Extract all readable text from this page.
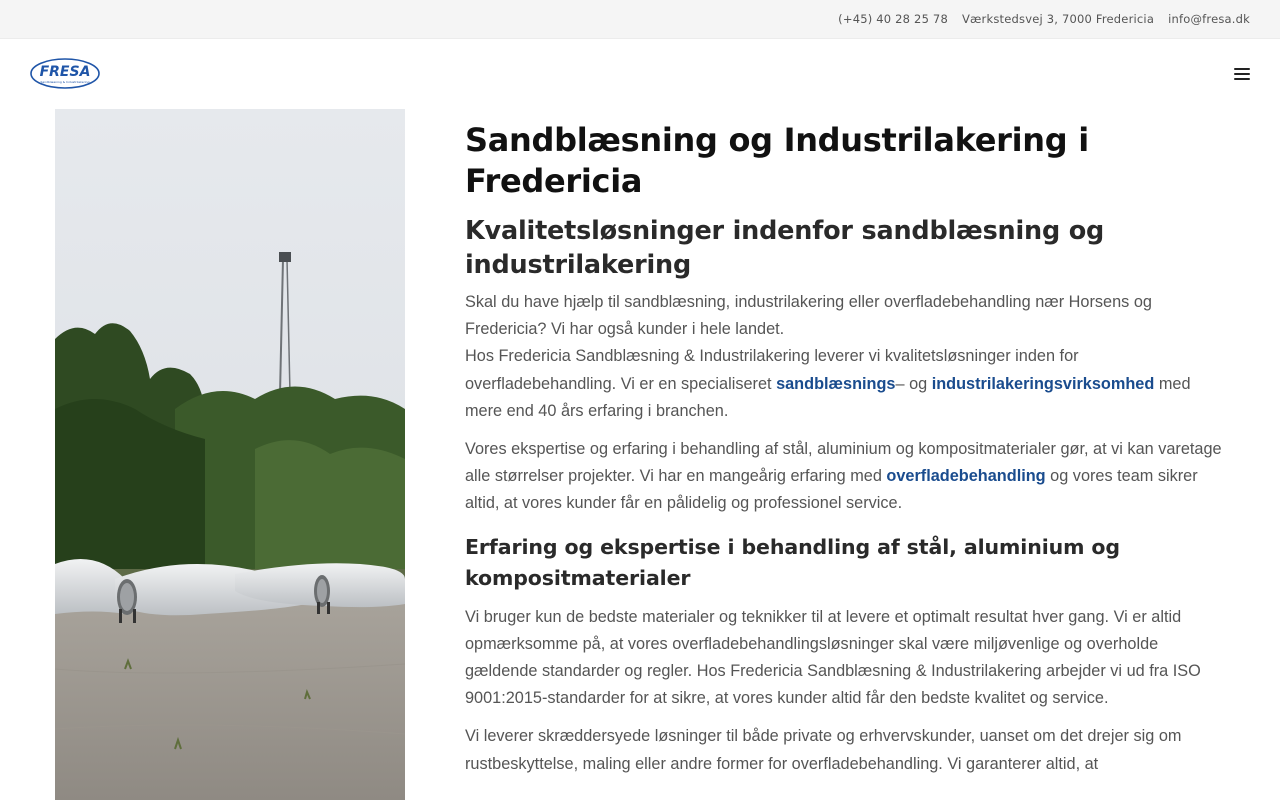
(+45) 40 28 25 78 Værkstedsvej 3, 7000 Fredericia info@fresa.dk
FRESA
Sandblæsning & Industrilakering
Sandblæsning og Industrilakering i Fredericia
Kvalitetsløsninger indenfor sandblæsning og industrilakering

Skal du have hjælp til sandblæsning, industrilakering eller overfladebehandling nær Horsens og Fredericia? Vi har også kunder i hele landet.
Hos Fredericia Sandblæsning & Industrilakering leverer vi kvalitetsløsninger inden for overfladebehandling. Vi er en specialiseret sandblæsnings– og industrilakeringsvirksomhed med mere end 40 års erfaring i branchen.

Vores ekspertise og erfaring i behandling af stål, aluminium og kompositmaterialer gør, at vi kan varetage alle størrelser projekter. Vi har en mangeårig erfaring med overfladebehandling og vores team sikrer altid, at vores kunder får en pålidelig og professionel service.

Erfaring og ekspertise i behandling af stål, aluminium og kompositmaterialer

Vi bruger kun de bedste materialer og teknikker til at levere et optimalt resultat hver gang. Vi er altid opmærksomme på, at vores overfladebehandlingsløsninger skal være miljøvenlige og overholde gældende standarder og regler. Hos Fredericia Sandblæsning & Industrilakering arbejder vi ud fra ISO 9001:2015-standarder for at sikre, at vores kunder altid får den bedste kvalitet og service.

Vi leverer skræddersyede løsninger til både private og erhvervskunder, uanset om det drejer sig om rustbeskyttelse, maling eller andre former for overfladebehandling. Vi garanterer altid, at
